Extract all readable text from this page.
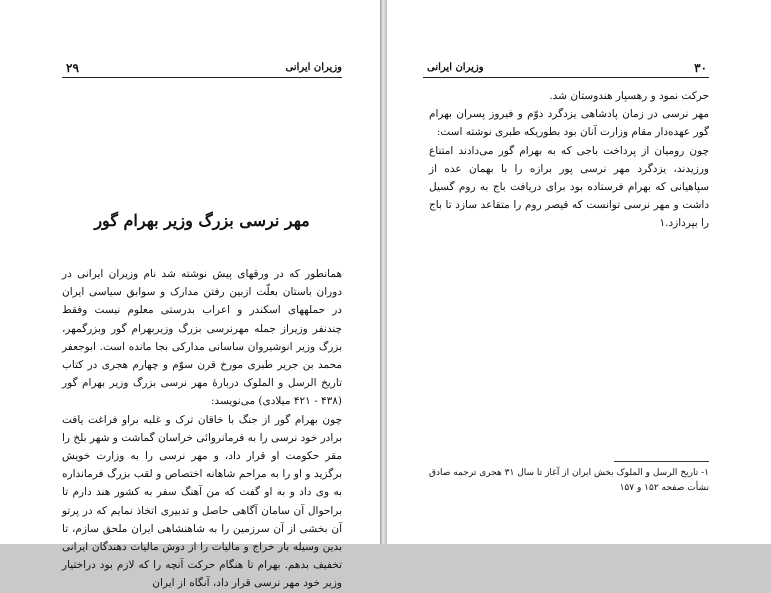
۲۹	وزیران ایرانی
مهر نرسی بزرگ وزیر بهرام گور

همانطور که در ورقهای پیش نوشته شد نام وزیران ایرانی در دوران باستان بعلّت ازبین رفتن مدارک و سوابق سیاسی ایران در حملههای اسکندر و اعراب بدرستی معلوم نیست وفقط چندنفر وزیراز جمله مهرنرسی بزرگ وزیربهرام گور وبزرگمهر، بزرگ وزیر انوشیروان ساسانی مدارکی بجا مانده است. ابوجعفر محمد بن جریر طبری مورخ قرن سوّم و چهارم هجری در کتاب تاریخ الرسل و الملوک دربارهٔ مهر نرسی بزرگ وزیر بهرام گور (۴۳۸ - ۴۲۱ میلادی) می‌نویسد:

چون بهرام گور از جنگ با خاقان ترک و غلبه براو فراغت یافت برادر خود نرسی را به فرمانروائی خراسان گماشت و شهر بلخ را مقر حکومت او قرار داد، و مهر نرسی را به وزارت خویش برگزید و او را به مراحم شاهانه اختصاص و لقب بزرگ فرمانداره به وی داد و به او گفت که من آهنگ سفر به کشور هند دارم تا براحوال آن سامان آگاهی حاصل و تدبیری اتخاذ نمایم که در پرتو آن بخشی از آن سرزمین را به شاهنشاهی ایران ملحق سازم، تا بدین وسیله بار خراج و مالیات را از دوش مالیات دهندگان ایرانی تخفیف بدهم. بهرام تا هنگام حرکت آنچه را که لازم بود دراختیار وزیر خود مهر نرسی قرار داد، آنگاه از ایران

۳۰
وزیران ایرانی

حرکت نمود و رهسپار هندوستان شد.

مهر نرسی در زمان پادشاهی یزدگرد دوّم و فیروز پسران بهرام گور عهده‌دار مقام وزارت آنان بود بطوریکه طبری نوشته است:

چون رومیان از پرداخت باجی که به بهرام گور می‌دادند امتناع ورزیدند، یزدگرد مهر نرسی پور برازه را با بهمان عده از سپاهیانی که بهرام فرستاده بود برای دریافت باج به روم گسیل داشت و مهر نرسی توانست که قیصر روم را متقاعد سازد تا باج را بپردازد.۱

۱- تاریخ الرسل و الملوک بخش ایران از آغاز تا سال ۳۱ هجری ترجمه صادق نشأت صفحه ۱۵۲ و ۱۵۷
